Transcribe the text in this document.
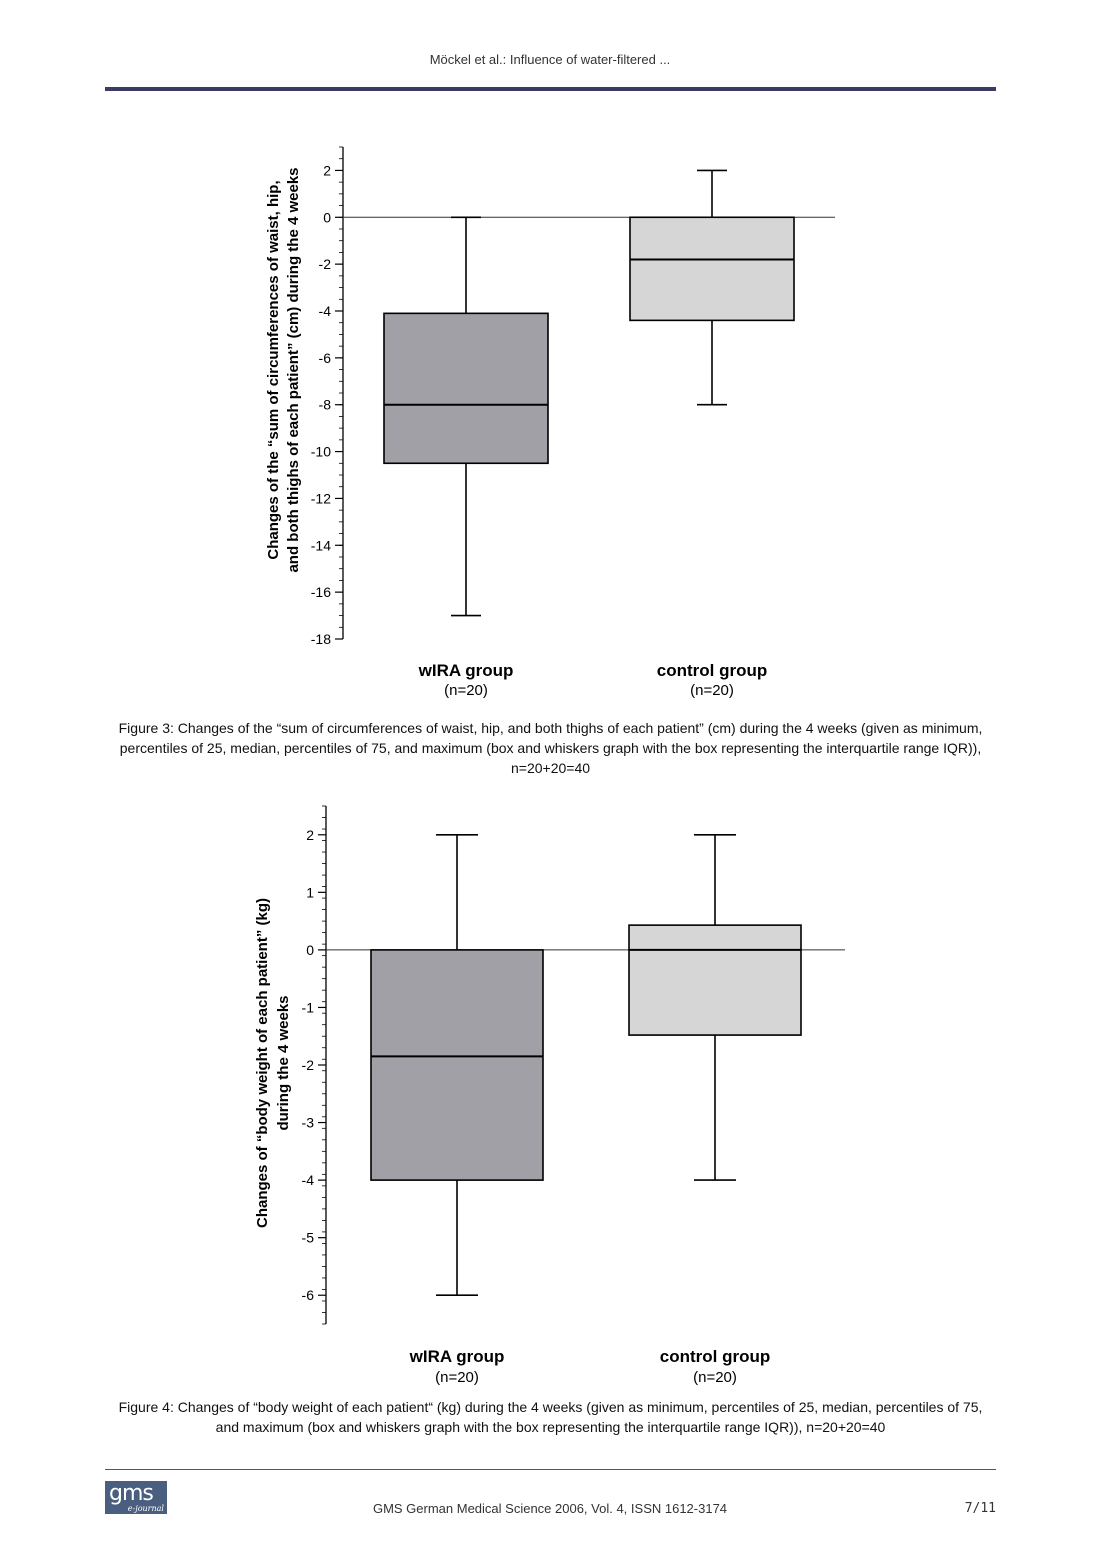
Möckel et al.: Influence of water-filtered ...
2
0
-2
-4
-6
-8
-10
-12
-14
-16
-18
Changes of the “sum of circumferences of waist, hip, and both thighs of each patient” (cm) during the 4 weeks
wIRA group
(n=20)
control group
(n=20)
Figure 3: Changes of the “sum of circumferences of waist, hip, and both thighs of each patient” (cm) during the 4 weeks (given as minimum, percentiles of 25, median, percentiles of 75, and maximum (box and whiskers graph with the box representing the interquartile range IQR)), n=20+20=40
2
1
0
-1
-2
-3
-4
-5
-6
Changes of “body weight of each patient” (kg) during the 4 weeks
wIRA group
(n=20)
control group
(n=20)
Figure 4: Changes of “body weight of each patient“ (kg) during the 4 weeks (given as minimum, percentiles of 25, median, percentiles of 75, and maximum (box and whiskers graph with the box representing the interquartile range IQR)), n=20+20=40
gms
e-journal	GMS German Medical Science 2006, Vol. 4, ISSN 1612-3174	7/11
